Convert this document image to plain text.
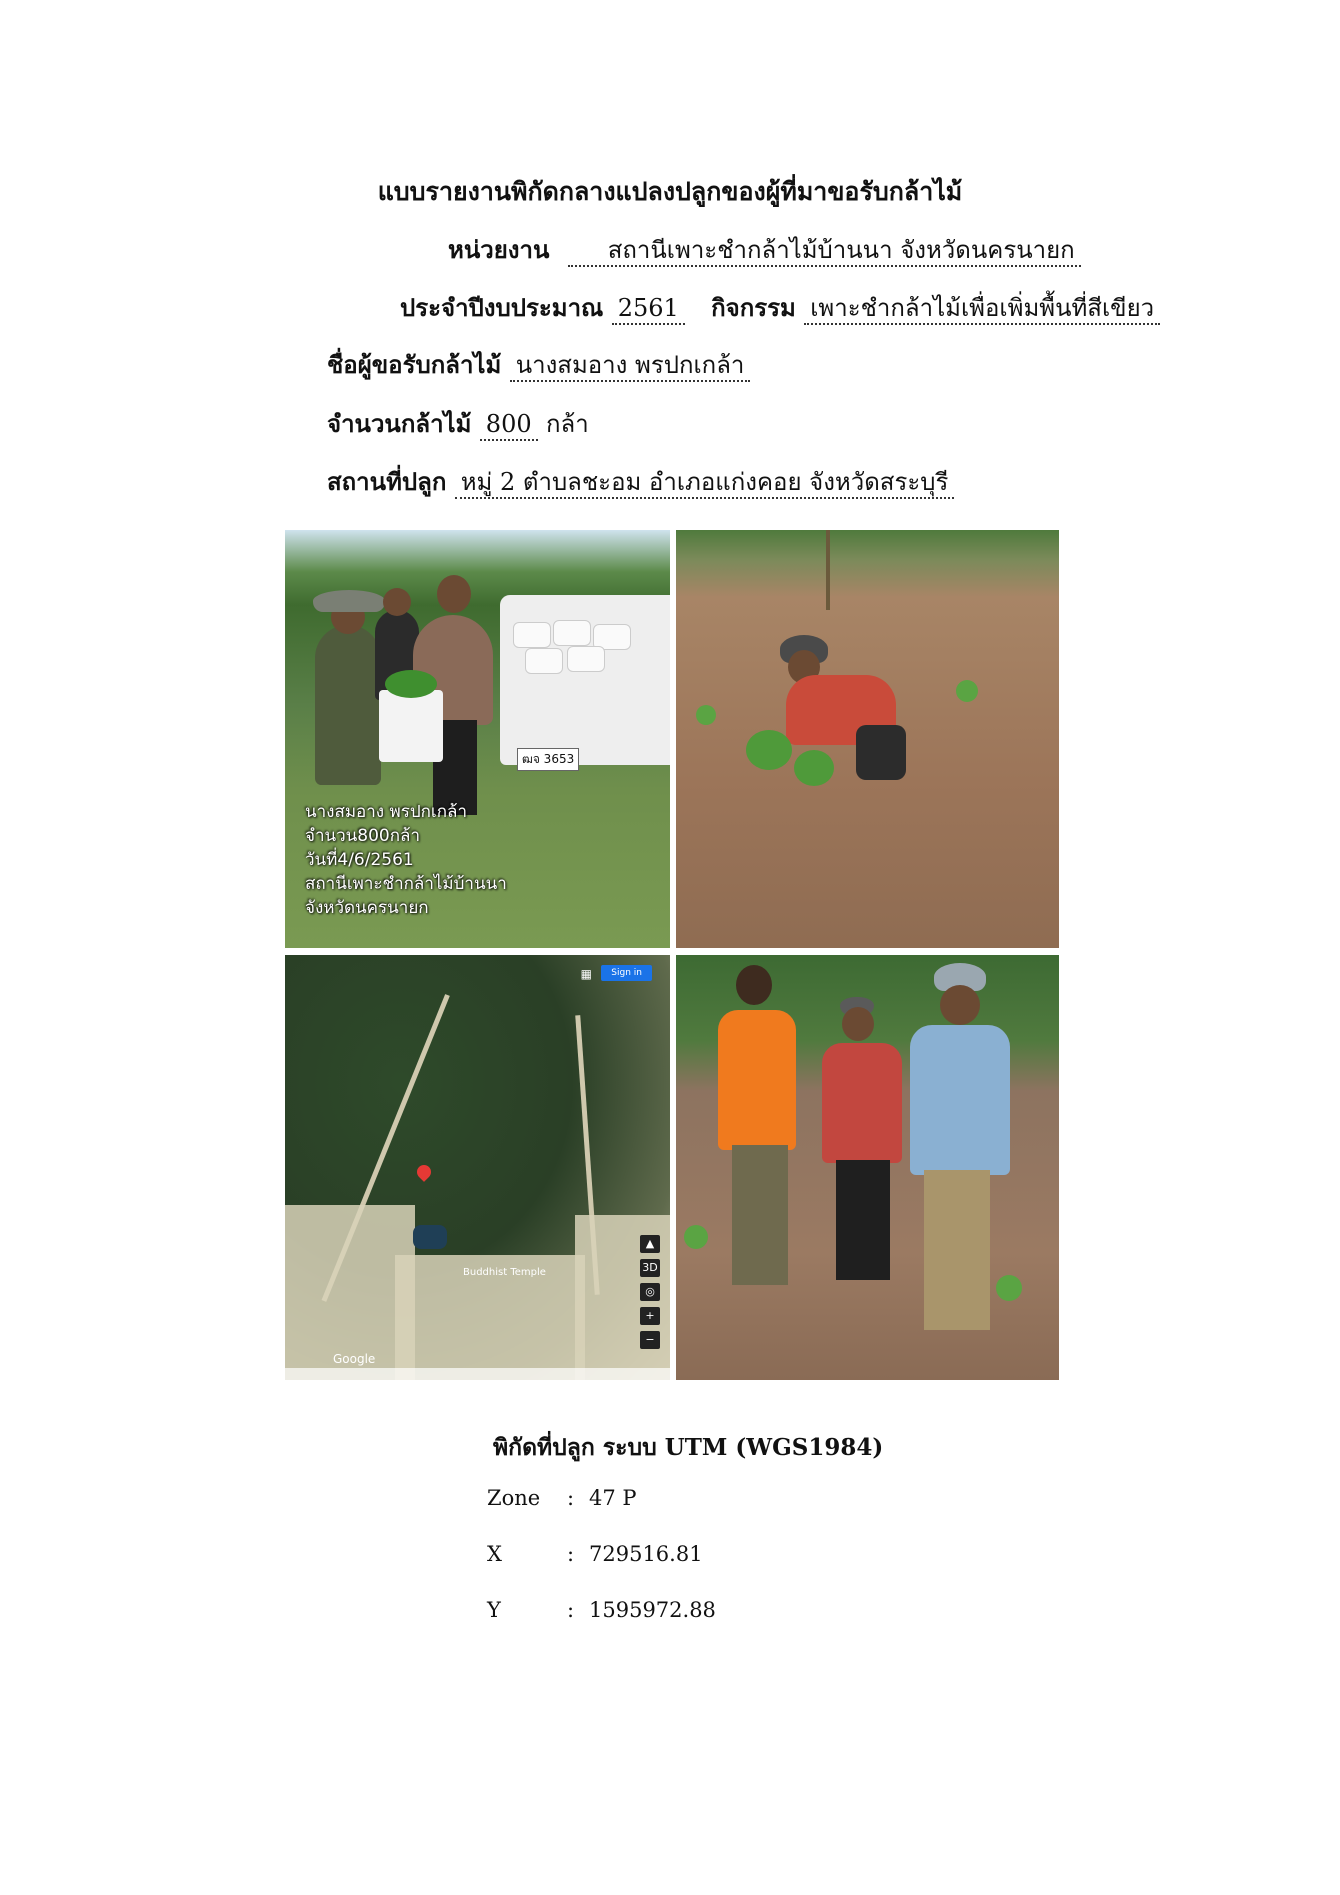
แบบรายงานพิกัดกลางแปลงปลูกของผู้ที่มาขอรับกล้าไม้
หน่วยงาน สถานีเพาะชำกล้าไม้บ้านนา จังหวัดนครนายก
ประจำปีงบประมาณ 2561 กิจกรรม เพาะชำกล้าไม้เพื่อเพิ่มพื้นที่สีเขียว
ชื่อผู้ขอรับกล้าไม้ นางสมอาง พรปกเกล้า
จำนวนกล้าไม้ 800 กล้า
สถานที่ปลูก หมู่ 2 ตำบลชะอม อำเภอแก่งคอย จังหวัดสระบุรี
ฒจ 3653
นางสมอาง พรปกเกล้า
จำนวน800กล้า
วันที่4/6/2561
สถานีเพาะชำกล้าไม้บ้านนา
จังหวัดนครนายก
▦	Sign in
Buddhist Temple
▲
3D
◎
+
−
Google
พิกัดที่ปลูก ระบบ UTM (WGS1984)
Zone : 47 P
X	: 729516.81
Y	: 1595972.88
